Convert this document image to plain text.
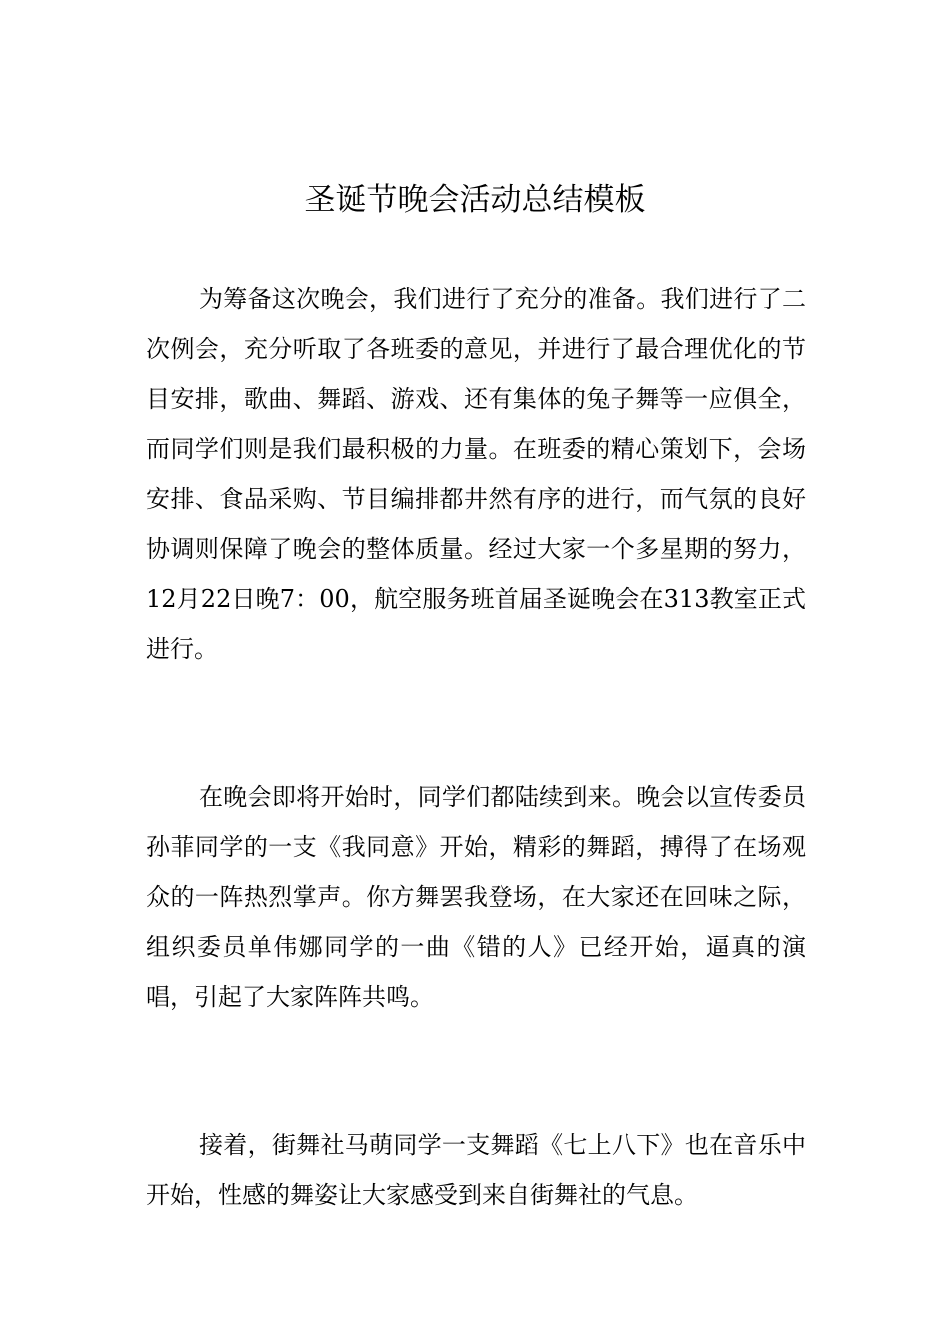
圣诞节晚会活动总结模板

为筹备这次晚会，我们进行了充分的准备。我们进行了二次例会，充分听取了各班委的意见，并进行了最合理优化的节目安排，歌曲、舞蹈、游戏、还有集体的兔子舞等一应俱全，而同学们则是我们最积极的力量。在班委的精心策划下，会场安排、食品采购、节目编排都井然有序的进行，而气氛的良好协调则保障了晚会的整体质量。经过大家一个多星期的努力，12月22日晚7：00，航空服务班首届圣诞晚会在313教室正式进行。

在晚会即将开始时，同学们都陆续到来。晚会以宣传委员孙菲同学的一支《我同意》开始，精彩的舞蹈，搏得了在场观众的一阵热烈掌声。你方舞罢我登场，在大家还在回味之际，组织委员单伟娜同学的一曲《错的人》已经开始，逼真的演唱，引起了大家阵阵共鸣。

接着，街舞社马萌同学一支舞蹈《七上八下》也在音乐中开始，性感的舞姿让大家感受到来自街舞社的气息。
